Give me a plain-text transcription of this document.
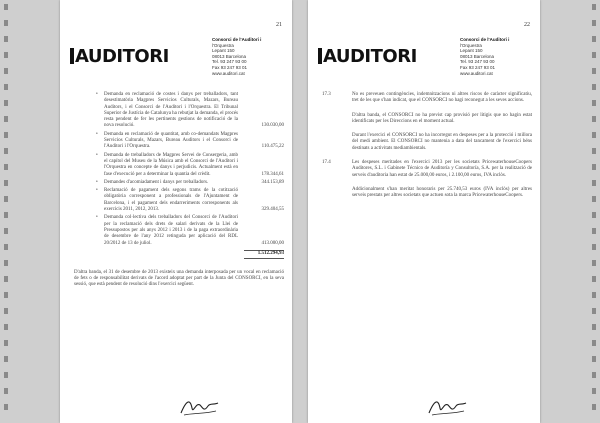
21
AUDITORI
Consorci de l'Auditori i
l'Orquestra
Lepant 150
08013 Barcelona
Tel. 93 247 93 00
Fax 93 247 93 01
www.auditori.cat
• Demanda en reclamació de costes i danys per treballadors, tant desestimatòria Magpres Servicios Culturals, Mazars, Bureau Auditors, i el Consorci de l'Auditori i l'Orquestra. El Tribunal Superior de Justícia de Catalunya ha rebutjat la demanda, el procés resta pendent de fer les pertinents gestions de notificació de la nova resolució.	130.030,00
• Demanda en reclamació de quantitat, amb co-demandats Magpres Servicios Culturals, Mazars, Bureau Auditors i el Consorci de l'Auditori i l'Orquestra.	110.475,22
• Demanda de treballadors de Magpres Servei de Consergeria, amb el capítol del Museu de la Música amb el Consorci de l'Auditori i l'Orquestra en concepte de danys i perjudicis. Actualment està en fase d'execució per a determinar la quantia del crèdit.	178.344,61
• Demandes d'acomiadament i danys per treballadors.	344.153,89
• Reclamació de pagament dels segons trams de la cotització obligatòria corresponent a professionals de l'Ajuntament de Barcelona, i el pagament dels endarreriments corresponents als exercicis 2011, 2012, 2013.	329.404,55
• Demanda col·lectiva dels treballadors del Consorci de l'Auditori per la reclamació dels drets de salari derivats de la Llei de Pressupostos per als anys 2012 i 2013 i de la paga extraordinària de desembre de l'any 2012 retinguda per aplicació del RDL 20/2012 de 13 de juliol.	413.000,00
1.512.294,93
D'altra banda, el 31 de desembre de 2013 existeix una demanda interposada per un vocal en reclamació de fets o de responsabilitat derivats de l'acord adoptat per part de la Junta del CONSORCI, en la seva sessió, que està pendent de resolució dins l'exercici següent.
22
AUDITORI
Consorci de l'Auditori i
l'Orquestra
Lepant 150
08013 Barcelona
Tel. 93 247 93 00
Fax 93 247 93 01
www.auditori.cat
17.3	No es preveuen contingències, indemnitzacions ni altres riscos de caràcter significatiu, tret de les que s'han indicat, que el CONSORCI no hagi reconegut a les seves accions.
D'altra banda, el CONSORCI no ha previst cap provisió per litigis que no hagin estat identificats per les Direccions en el moment actual.
Durant l'exercici el CONSORCI no ha incorregut en despeses per a la protecció i millora del medi ambient. El CONSORCI no mantenia a data del tancament de l'exercici béns destinats a activitats mediambientals.
17.4	Les despeses meritades en l'exercici 2013 per les societats PricewaterhouseCoopers Auditores, S.L. i Gabinete Técnico de Auditoría y Consultoría, S.A. per la realització de serveis d'auditoria han estat de 25.000,00 euros, i 2.100,00 euros, IVA inclòs.
Addicionalment s'han meritat honoraris per 25.740,53 euros (IVA inclòs) per altres serveis prestats per altres societats que actuen sota la marca PricewaterhouseCoopers.
